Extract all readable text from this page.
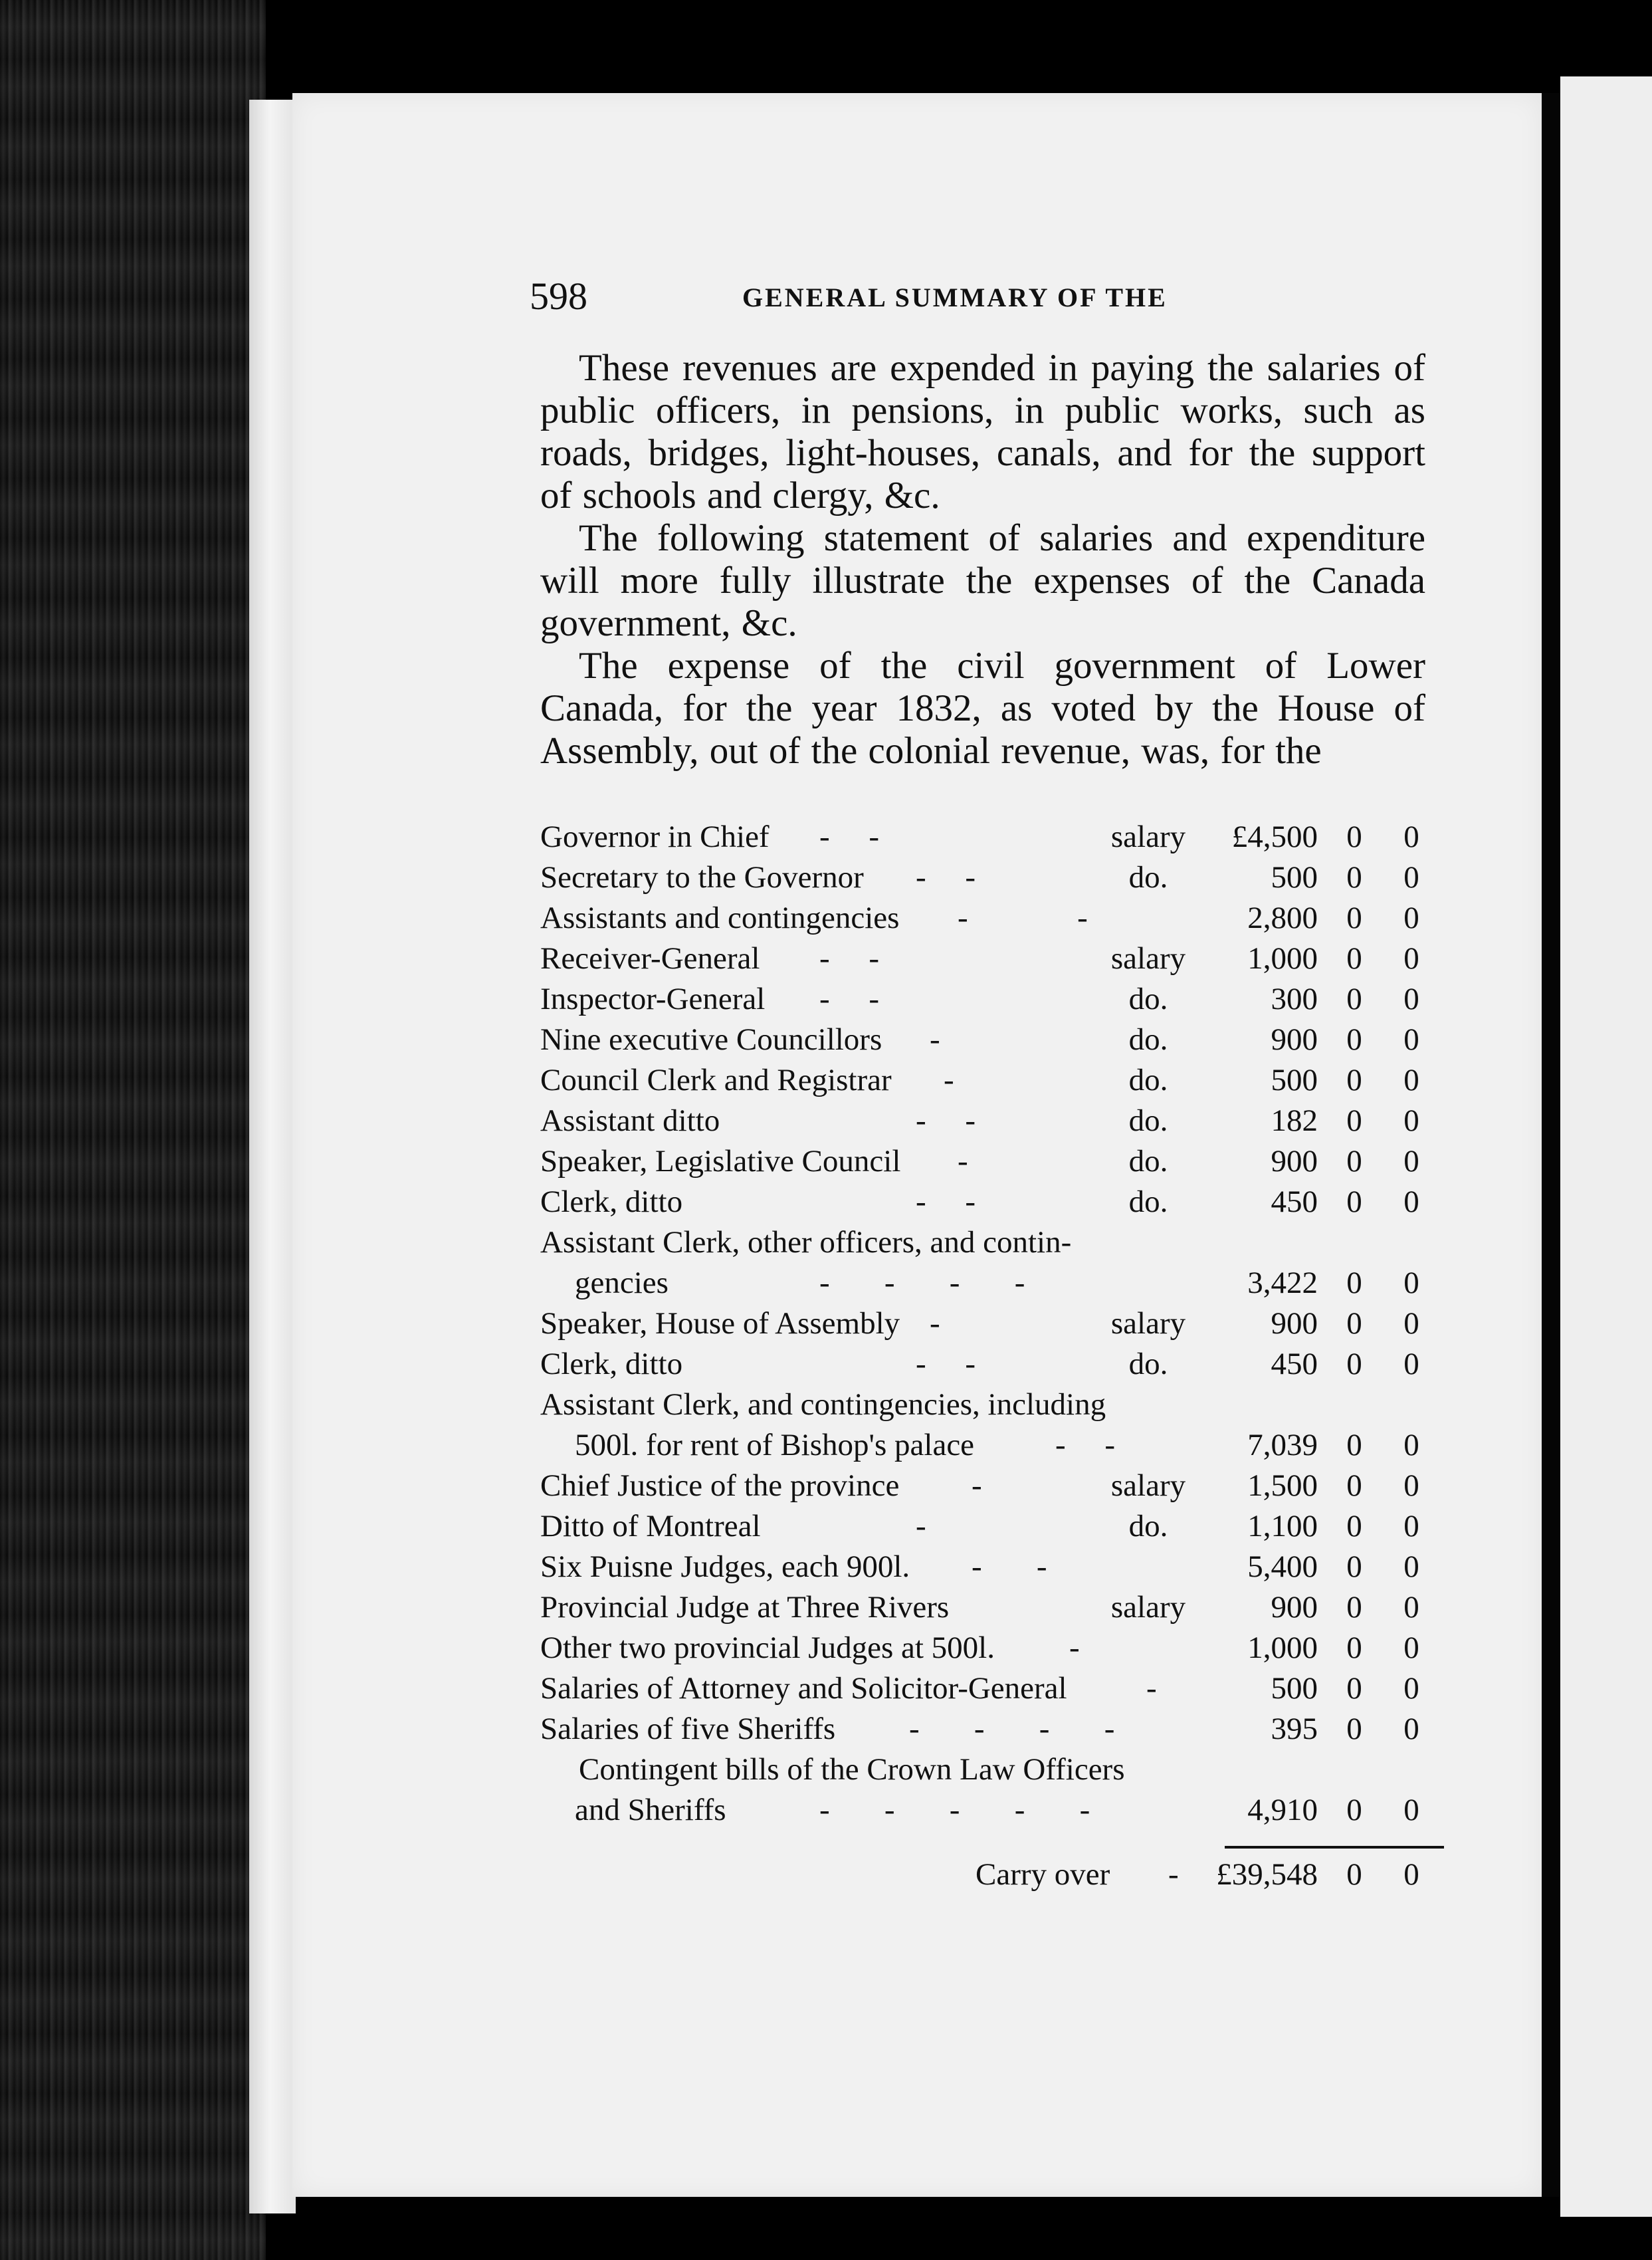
598	GENERAL SUMMARY OF THE

These revenues are expended in paying the salaries of public officers, in pensions, in public works, such as roads, bridges, light-houses, canals, and for the support of schools and clergy, &c.

The following statement of salaries and expenditure will more fully illustrate the expenses of the Canada government, &c.

The expense of the civil government of Lower Canada, for the year 1832, as voted by the House of Assembly, out of the colonial revenue, was, for the

Governor in Chief -     -	salary	£4,500 0 0
Secretary to the Governor -     -	do.	500 0 0
Assistants and contingencies -              -	2,800 0 0
Receiver-General -     -	salary	1,000 0 0
Inspector-General -     -	do.	300 0 0
Nine executive Councillors -	do.	900 0 0
Council Clerk and Registrar -	do.	500 0 0
Assistant ditto	-     -	do.	182 0 0
Speaker, Legislative Council -	do.	900 0 0
Clerk, ditto	-     -	do.	450 0 0
Assistant Clerk, other officers, and contin-
gencies	-       -       -       -	3,422 0 0
Speaker, House of Assembly -	salary	900 0 0
Clerk, ditto	-     -	do.	450 0 0
Assistant Clerk, and contingencies, including
500l. for rent of Bishop's palace	-     -	7,039 0 0
Chief Justice of the province -	salary	1,500 0 0
Ditto of Montreal	-	do.	1,100 0 0
Six Puisne Judges, each 900l. -       -	5,400 0 0
Provincial Judge at Three Rivers	salary	900 0 0
Other two provincial Judges at 500l. -	1,000 0 0
Salaries of Attorney and Solicitor-General	-	500 0 0
Salaries of five Sheriffs -       -       -       -	395 0 0
Contingent bills of the Crown Law Officers
and Sheriffs	-       -       -       -       -	4,910 0 0
Carry over -	£39,548 0 0
